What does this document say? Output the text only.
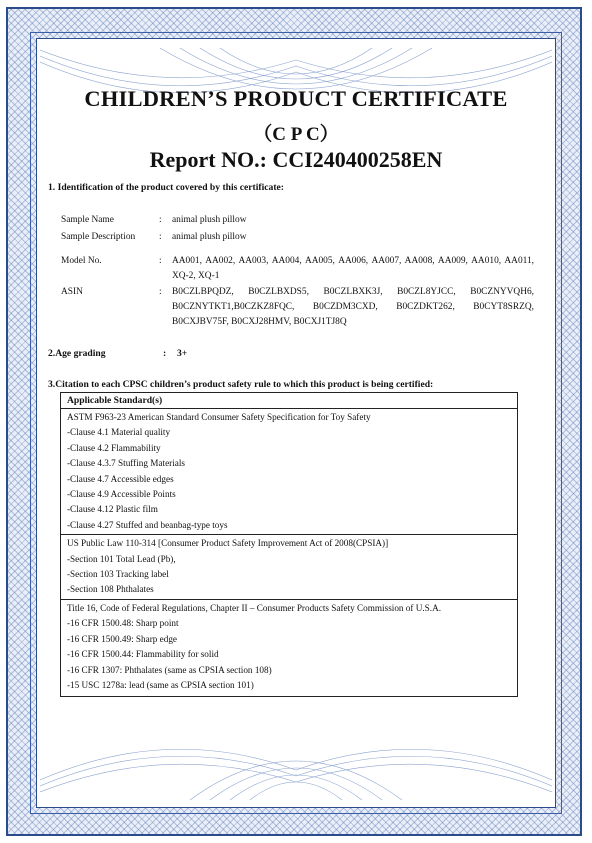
CHILDREN’S PRODUCT CERTIFICATE
（C P C）
Report NO.: CCI240400258EN
1. Identification of the product covered by this certificate:
Sample Name	: animal plush pillow
Sample Description	: animal plush pillow
Model No.	: AA001, AA002, AA003, AA004, AA005, AA006, AA007, AA008, AA009, AA010, AA011, XQ-2, XQ-1
ASIN	: B0CZLBPQDZ, B0CZLBXDS5, B0CZLBXK3J, B0CZL8YJCC, B0CZNYVQH6, B0CZNYTKT1,B0CZKZ8FQC, B0CZDM3CXD, B0CZDKT262, B0CYT8SRZQ, B0CXJBV75F, B0CXJ28HMV, B0CXJ1TJ8Q
2.Age grading	: 3+
3.Citation to each CPSC children’s product safety rule to which this product is being certified:
Applicable Standard(s)
ASTM F963-23 American Standard Consumer Safety Specification for Toy Safety
-Clause 4.1 Material quality
-Clause 4.2 Flammability
-Clause 4.3.7 Stuffing Materials
-Clause 4.7 Accessible edges
-Clause 4.9 Accessible Points
-Clause 4.12 Plastic film
-Clause 4.27 Stuffed and beanbag-type toys
US Public Law 110-314 [Consumer Product Safety Improvement Act of 2008(CPSIA)]
-Section 101 Total Lead (Pb),
-Section 103 Tracking label
-Section 108 Phthalates
Title 16, Code of Federal Regulations, Chapter II – Consumer Products Safety Commission of U.S.A.
-16 CFR 1500.48: Sharp point
-16 CFR 1500.49: Sharp edge
-16 CFR 1500.44: Flammability for solid
-16 CFR 1307: Phthalates (same as CPSIA section 108)
-15 USC 1278a: lead (same as CPSIA section 101)
